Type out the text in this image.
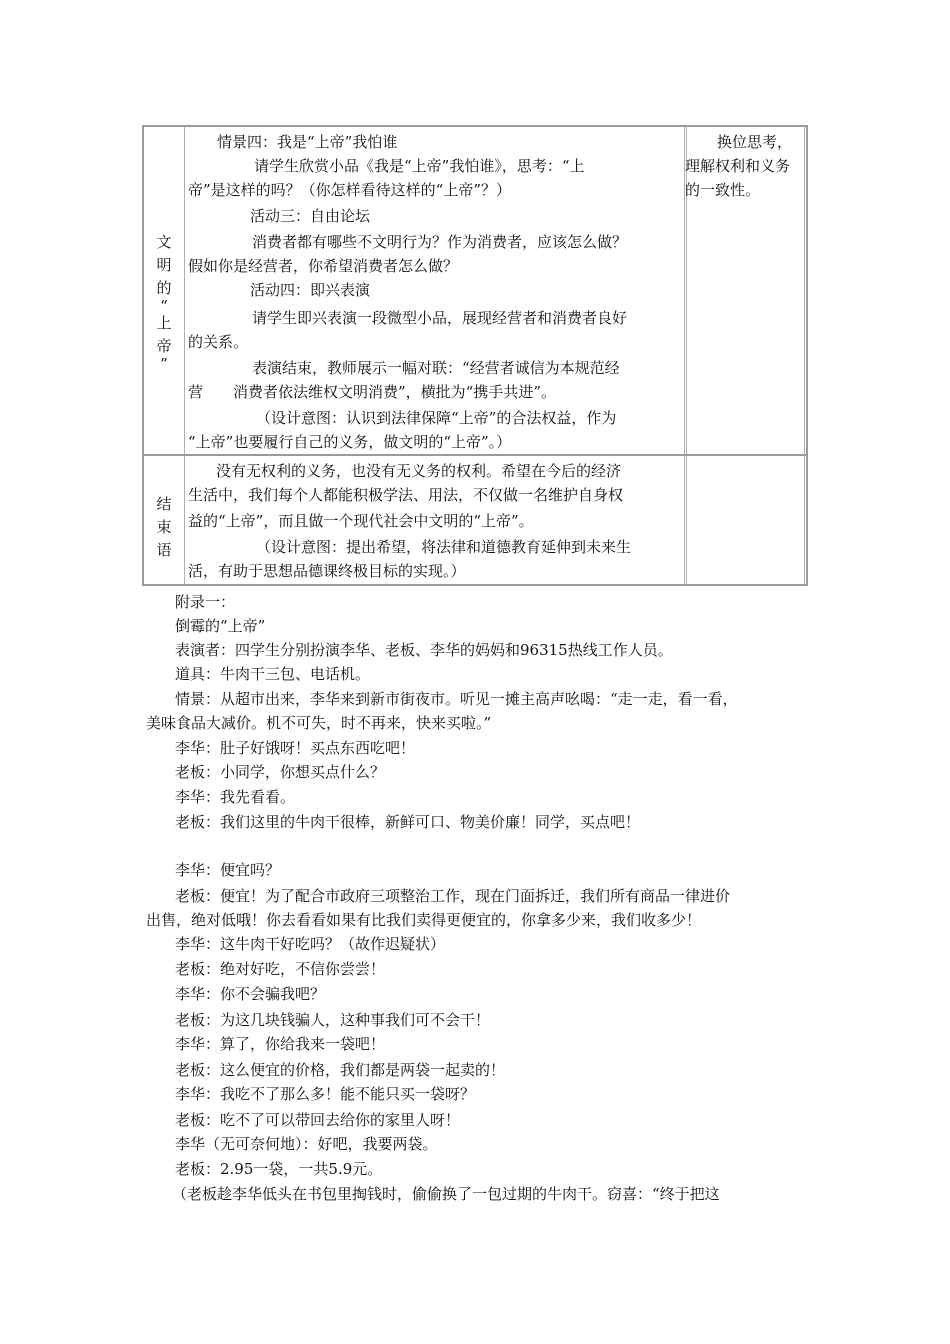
文
明
的
“
上
帝
”
情景四：我是“上帝”我怕谁
请学生欣赏小品《我是“上帝”我怕谁》，思考：“上
帝”是这样的吗？（你怎样看待这样的“上帝”？）
活动三：自由论坛
消费者都有哪些不文明行为？作为消费者，应该怎么做？
假如你是经营者，你希望消费者怎么做？
活动四：即兴表演
请学生即兴表演一段微型小品，展现经营者和消费者良好
的关系。
表演结束，教师展示一幅对联：“经营者诚信为本规范经
营　　消费者依法维权文明消费”，横批为“携手共进”。
（设计意图：认识到法律保障“上帝”的合法权益，作为
“上帝”也要履行自己的义务，做文明的“上帝”。）
换位思考，
理解权利和义务
的一致性。
结
束
语
没有无权利的义务，也没有无义务的权利。希望在今后的经济
生活中，我们每个人都能积极学法、用法，不仅做一名维护自身权
益的“上帝”，而且做一个现代社会中文明的“上帝”。
（设计意图：提出希望，将法律和道德教育延伸到未来生
活，有助于思想品德课终极目标的实现。）
附录一：
倒霉的“上帝”
表演者：四学生分别扮演李华、老板、李华的妈妈和96315热线工作人员。
道具：牛肉干三包、电话机。
情景：从超市出来，李华来到新市街夜市。听见一摊主高声吆喝：“走一走，看一看，
美味食品大减价。机不可失，时不再来，快来买啦。”
李华：肚子好饿呀！买点东西吃吧！
老板：小同学，你想买点什么？
李华：我先看看。
老板：我们这里的牛肉干很棒，新鲜可口、物美价廉！同学，买点吧！
李华：便宜吗？
老板：便宜！为了配合市政府三项整治工作，现在门面拆迁，我们所有商品一律进价
出售，绝对低哦！你去看看如果有比我们卖得更便宜的，你拿多少来，我们收多少！
李华：这牛肉干好吃吗？（故作迟疑状）
老板：绝对好吃，不信你尝尝！
李华：你不会骗我吧？
老板：为这几块钱骗人，这种事我们可不会干！
李华：算了，你给我来一袋吧！
老板：这么便宜的价格，我们都是两袋一起卖的！
李华：我吃不了那么多！能不能只买一袋呀？
老板：吃不了可以带回去给你的家里人呀！
李华（无可奈何地）：好吧，我要两袋。
老板：2.95一袋，一共5.9元。
（老板趁李华低头在书包里掏钱时，偷偷换了一包过期的牛肉干。窃喜：“终于把这
